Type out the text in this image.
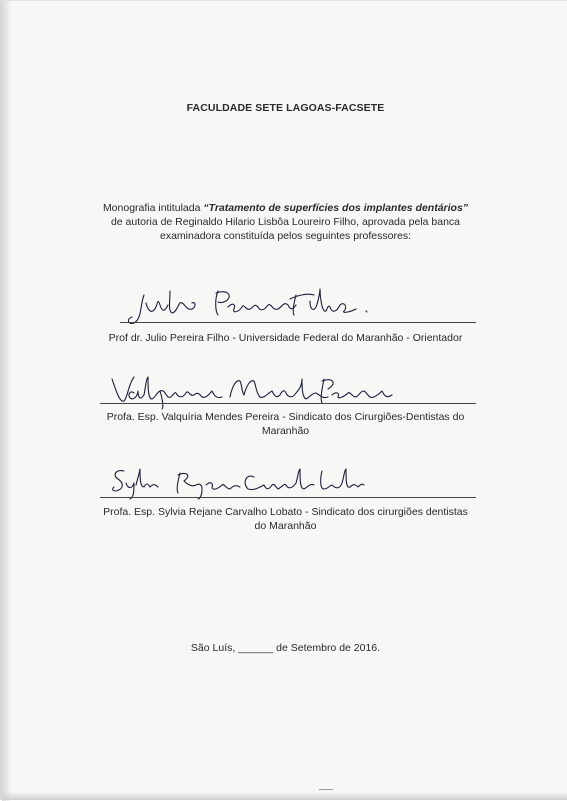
FACULDADE SETE LAGOAS-FACSETE
Monografia intitulada “Tratamento de superfícies dos implantes dentários”
de autoria de Reginaldo Hilario Lisbôa Loureiro Filho, aprovada pela banca
examinadora constituída pelos seguintes professores:
Prof dr. Julio Pereira Filho - Universidade Federal do Maranhão - Orientador
Profa. Esp. Valquíria Mendes Pereira - Sindicato dos Cirurgiões-Dentistas do
Maranhão
Profa. Esp. Sylvia Rejane Carvalho Lobato - Sindicato dos cirurgiões dentistas
do Maranhão
São Luís, ______ de Setembro de 2016.
